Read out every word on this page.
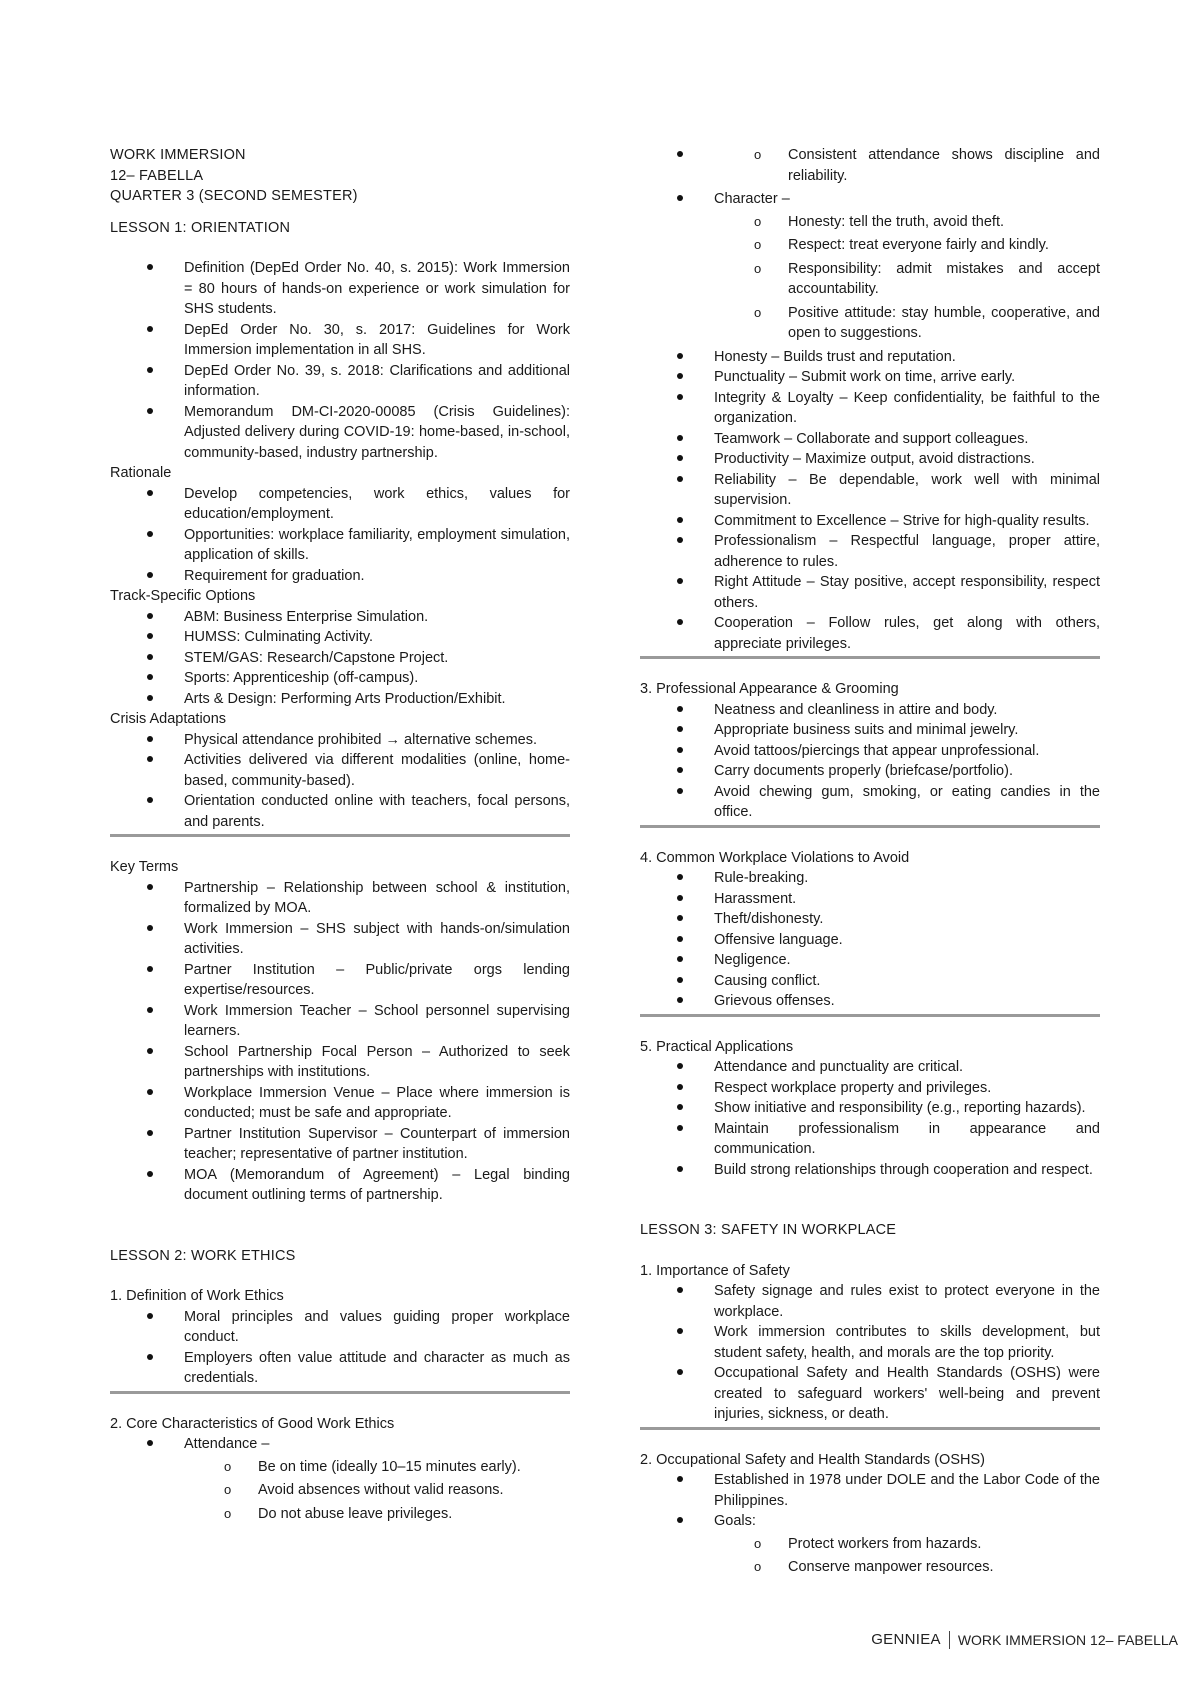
WORK IMMERSION

12– FABELLA

QUARTER 3 (SECOND SEMESTER)

LESSON 1: ORIENTATION

Definition (DepEd Order No. 40, s. 2015): Work Immersion = 80 hours of hands-on experience or work simulation for SHS students.
DepEd Order No. 30, s. 2017: Guidelines for Work Immersion implementation in all SHS.
DepEd Order No. 39, s. 2018: Clarifications and additional information.
Memorandum DM-CI-2020-00085 (Crisis Guidelines): Adjusted delivery during COVID-19: home-based, in-school, community-based, industry partnership.

Rationale

Develop competencies, work ethics, values for education/employment.
Opportunities: workplace familiarity, employment simulation, application of skills.
Requirement for graduation.

Track-Specific Options

ABM: Business Enterprise Simulation.
HUMSS: Culminating Activity.
STEM/GAS: Research/Capstone Project.
Sports: Apprenticeship (off-campus).
Arts & Design: Performing Arts Production/Exhibit.

Crisis Adaptations

Physical attendance prohibited → alternative schemes.
Activities delivered via different modalities (online, home-based, community-based).
Orientation conducted online with teachers, focal persons, and parents.

Key Terms

Partnership – Relationship between school & institution, formalized by MOA.
Work Immersion – SHS subject with hands-on/simulation activities.
Partner Institution – Public/private orgs lending expertise/resources.
Work Immersion Teacher – School personnel supervising learners.
School Partnership Focal Person – Authorized to seek partnerships with institutions.
Workplace Immersion Venue – Place where immersion is conducted; must be safe and appropriate.
Partner Institution Supervisor – Counterpart of immersion teacher; representative of partner institution.
MOA (Memorandum of Agreement) – Legal binding document outlining terms of partnership.

LESSON 2: WORK ETHICS

1. Definition of Work Ethics

Moral principles and values guiding proper workplace conduct.
Employers often value attitude and character as much as credentials.

2. Core Characteristics of Good Work Ethics

Attendance –
o Be on time (ideally 10–15 minutes early).
o Avoid absences without valid reasons.
o Do not abuse leave privileges.
o Consistent attendance shows discipline and reliability.
Character –
o Honesty: tell the truth, avoid theft.
o Respect: treat everyone fairly and kindly.
o Responsibility: admit mistakes and accept accountability.
o Positive attitude: stay humble, cooperative, and open to suggestions.
Honesty – Builds trust and reputation.
Punctuality – Submit work on time, arrive early.
Integrity & Loyalty – Keep confidentiality, be faithful to the organization.
Teamwork – Collaborate and support colleagues.
Productivity – Maximize output, avoid distractions.
Reliability – Be dependable, work well with minimal supervision.
Commitment to Excellence – Strive for high-quality results.
Professionalism – Respectful language, proper attire, adherence to rules.
Right Attitude – Stay positive, accept responsibility, respect others.
Cooperation – Follow rules, get along with others, appreciate privileges.

3. Professional Appearance & Grooming

Neatness and cleanliness in attire and body.
Appropriate business suits and minimal jewelry.
Avoid tattoos/piercings that appear unprofessional.
Carry documents properly (briefcase/portfolio).
Avoid chewing gum, smoking, or eating candies in the office.

4. Common Workplace Violations to Avoid

Rule-breaking.
Harassment.
Theft/dishonesty.
Offensive language.
Negligence.
Causing conflict.
Grievous offenses.

5. Practical Applications

Attendance and punctuality are critical.
Respect workplace property and privileges.
Show initiative and responsibility (e.g., reporting hazards).
Maintain professionalism in appearance and communication.
Build strong relationships through cooperation and respect.

LESSON 3: SAFETY IN WORKPLACE

1. Importance of Safety

Safety signage and rules exist to protect everyone in the workplace.
Work immersion contributes to skills development, but student safety, health, and morals are the top priority.
Occupational Safety and Health Standards (OSHS) were created to safeguard workers' well-being and prevent injuries, sickness, or death.

2. Occupational Safety and Health Standards (OSHS)

Established in 1978 under DOLE and the Labor Code of the Philippines.
Goals:
o Protect workers from hazards.
o Conserve manpower resources.
GENNIEA WORK IMMERSION 12– FABELLA
